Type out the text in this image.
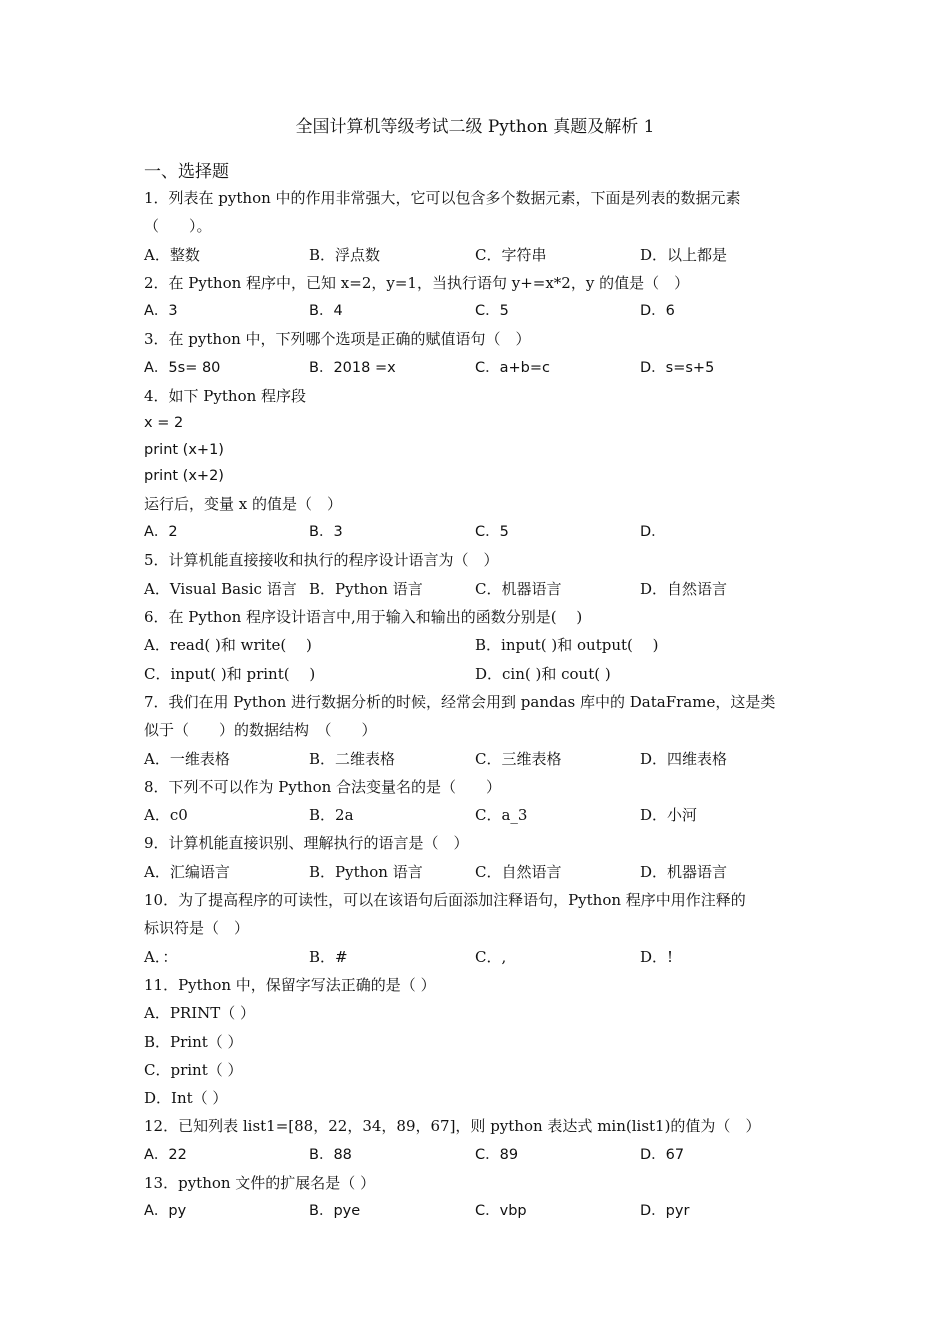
全国计算机等级考试二级 Python 真题及解析 1
一、选择题
1．列表在 python 中的作用非常强大，它可以包含多个数据元素，下面是列表的数据元素
（　　）。
A．整数	B．浮点数	C．字符串	D．以上都是
2．在 Python 程序中，已知 x=2，y=1，当执行语句 y+=x*2，y 的值是（　）
A．3	B．4	C．5	D．6
3．在 python 中，下列哪个选项是正确的赋值语句（　）
A．5s= 80	B．2018 =x	C．a+b=c	D．s=s+5
4．如下 Python 程序段
x = 2
print (x+1)
print (x+2)
运行后，变量 x 的值是（　）
A．2	B．3	C．5	D．
5．计算机能直接接收和执行的程序设计语言为（　）
A．Visual Basic 语言 B．Python 语言	C．机器语言	D．自然语言
6．在 Python 程序设计语言中,用于输入和输出的函数分别是( 　)
A．read( )和 write(　 )	B．input( )和 output(　 )
C．input( )和 print(　 )	D．cin( )和 cout( )
7．我们在用 Python 进行数据分析的时候，经常会用到 pandas 库中的 DataFrame，这是类
似于（　　）的数据结构　（　　）
A．一维表格	B．二维表格	C．三维表格	D．四维表格
8．下列不可以作为 Python 合法变量名的是（　　）
A．c0	B．2a	C．a_3	D．小河
9．计算机能直接识别、理解执行的语言是（　）
A．汇编语言	B．Python 语言	C．自然语言	D．机器语言
10．为了提高程序的可读性，可以在该语句后面添加注释语句，Python 程序中用作注释的
标识符是（　）
A．：	B．#	C．,	D．!
11．Python 中，保留字写法正确的是（ ）
A．PRINT（ ）
B．Print（ ）
C．print（ ）
D．Int（ ）
12．已知列表 list1=[88，22，34，89，67]，则 python 表达式 min(list1)的值为（　）
A．22	B．88	C．89	D．67
13．python 文件的扩展名是（ ）
A．py	B．pye	C．vbp	D．pyr
